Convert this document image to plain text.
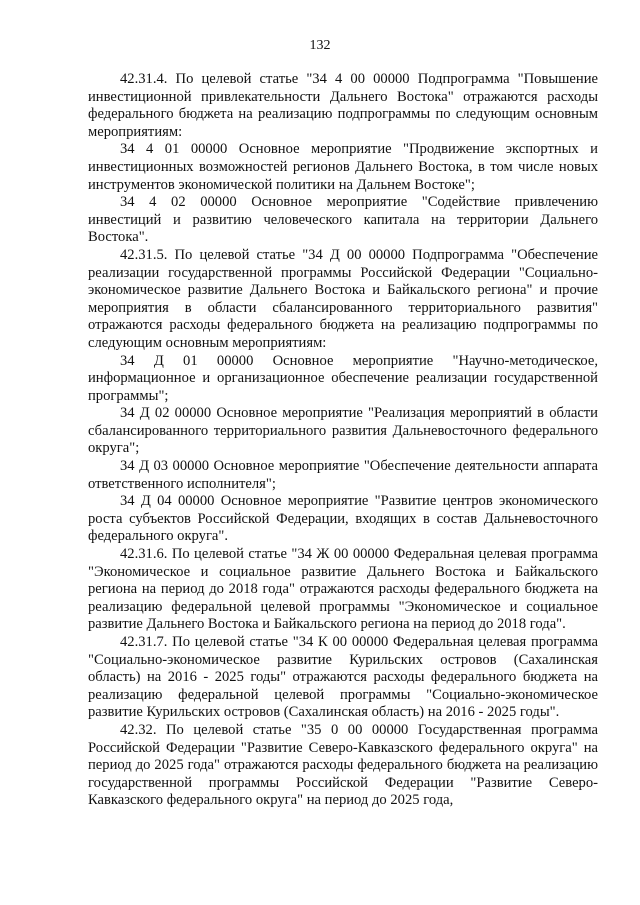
132

42.31.4. По целевой статье "34 4 00 00000 Подпрограмма "Повышение инвестиционной привлекательности Дальнего Востока" отражаются расходы федерального бюджета на реализацию подпрограммы по следующим основным мероприятиям:

34 4 01 00000 Основное мероприятие "Продвижение экспортных и инвестиционных возможностей регионов Дальнего Востока, в том числе новых инструментов экономической политики на Дальнем Востоке";

34 4 02 00000 Основное мероприятие "Содействие привлечению инвестиций и развитию человеческого капитала на территории Дальнего Востока".

42.31.5. По целевой статье "34 Д 00 00000 Подпрограмма "Обеспечение реализации государственной программы Российской Федерации "Социально-экономическое развитие Дальнего Востока и Байкальского региона" и прочие мероприятия в области сбалансированного территориального развития" отражаются расходы федерального бюджета на реализацию подпрограммы по следующим основным мероприятиям:

34 Д 01 00000 Основное мероприятие "Научно-методическое, информационное и организационное обеспечение реализации государственной программы";

34 Д 02 00000 Основное мероприятие "Реализация мероприятий в области сбалансированного территориального развития Дальневосточного федерального округа";

34 Д 03 00000 Основное мероприятие "Обеспечение деятельности аппарата ответственного исполнителя";

34 Д 04 00000 Основное мероприятие "Развитие центров экономического роста субъектов Российской Федерации, входящих в состав Дальневосточного федерального округа".

42.31.6. По целевой статье "34 Ж 00 00000 Федеральная целевая программа "Экономическое и социальное развитие Дальнего Востока и Байкальского региона на период до 2018 года" отражаются расходы федерального бюджета на реализацию федеральной целевой программы "Экономическое и социальное развитие Дальнего Востока и Байкальского региона на период до 2018 года".

42.31.7. По целевой статье "34 К 00 00000 Федеральная целевая программа "Социально-экономическое развитие Курильских островов (Сахалинская область) на 2016 - 2025 годы" отражаются расходы федерального бюджета на реализацию федеральной целевой программы "Социально-экономическое развитие Курильских островов (Сахалинская область) на 2016 - 2025 годы".

42.32. По целевой статье "35 0 00 00000 Государственная программа Российской Федерации "Развитие Северо-Кавказского федерального округа" на период до 2025 года" отражаются расходы федерального бюджета на реализацию государственной программы Российской Федерации "Развитие Северо-Кавказского федерального округа" на период до 2025 года,
